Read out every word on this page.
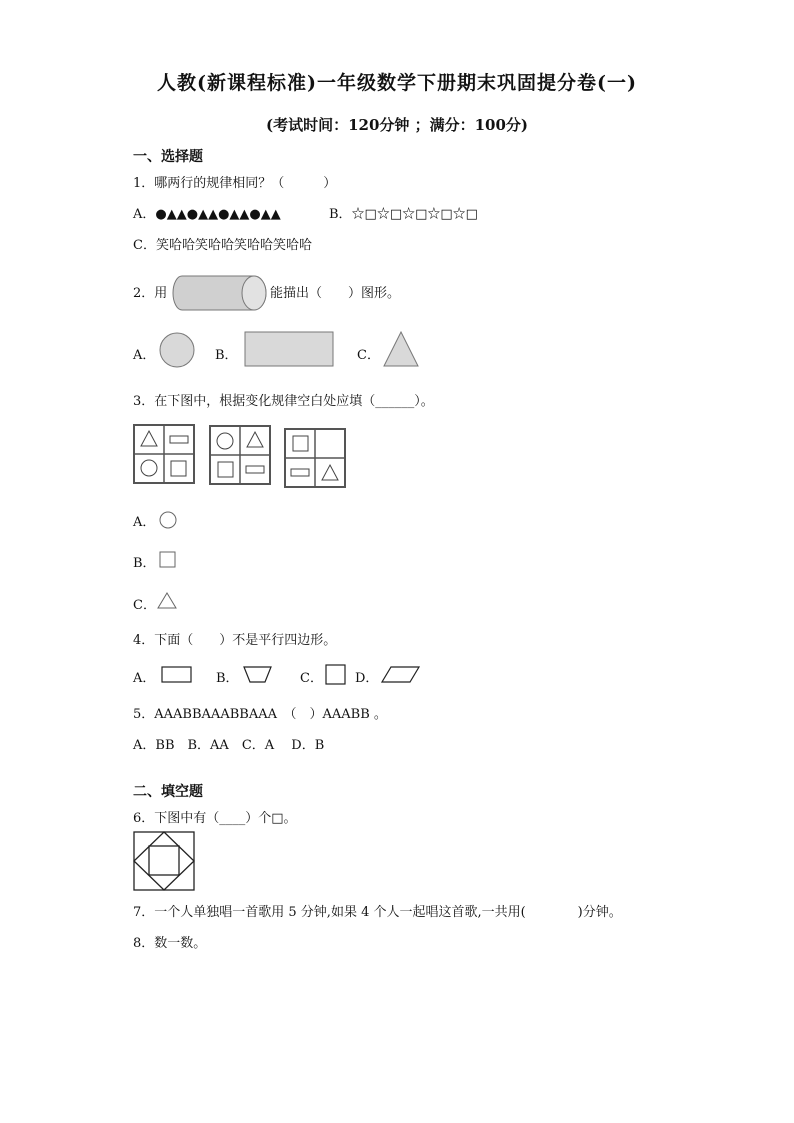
人教(新课程标准)一年级数学下册期末巩固提分卷(一)
(考试时间：120分钟 ；满分：100分)
一、选择题
1．哪两行的规律相同？（　　　）
A．●▲▲●▲▲●▲▲●▲▲	B．☆□☆□☆□☆□☆□
C．笑哈哈笑哈哈笑哈哈笑哈哈
2．用	能描出（　　）图形。
A．	B．	C．
3．在下图中，根据变化规律空白处应填（______）。
A．
B．
C．
4．下面（　　）不是平行四边形。
A．	B．	C． D．
5．AAABBAAABBAAA　（　）AAABB 。
A．BB　B．AA　C．A　 D．B
二、填空题
6．下图中有（____）个□。
7．一个人单独唱一首歌用 5 分钟,如果 4 个人一起唱这首歌,一共用(　　　　)分钟。
8．数一数。
